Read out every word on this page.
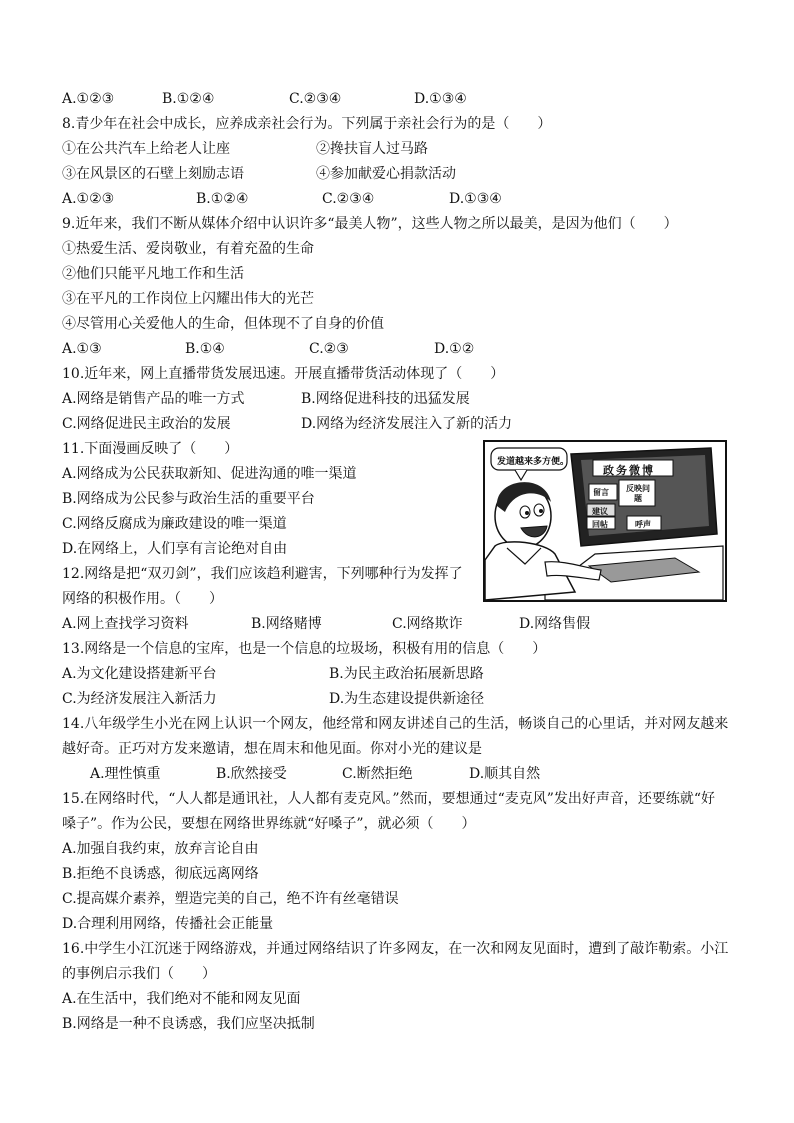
A.①②③	B.①②④	C.②③④	D.①③④
8.青少年在社会中成长，应养成亲社会行为。下列属于亲社会行为的是（　　）
①在公共汽车上给老人让座	②搀扶盲人过马路
③在风景区的石壁上刻励志语	④参加献爱心捐款活动
A.①②③	B.①②④	C.②③④	D.①③④
9.近年来，我们不断从媒体介绍中认识许多“最美人物”，这些人物之所以最美，是因为他们（　　）
①热爱生活、爱岗敬业，有着充盈的生命
②他们只能平凡地工作和生活
③在平凡的工作岗位上闪耀出伟大的光芒
④尽管用心关爱他人的生命，但体现不了自身的价值
A.①③	B.①④	C.②③	D.①②
10.近年来，网上直播带货发展迅速。开展直播带货活动体现了（　　）
A.网络是销售产品的唯一方式	B.网络促进科技的迅猛发展
C.网络促进民主政治的发展	D.网络为经济发展注入了新的活力
11.下面漫画反映了（　　）
A.网络成为公民获取新知、促进沟通的唯一渠道
B.网络成为公民参与政治生活的重要平台
C.网络反腐成为廉政建设的唯一渠道
D.在网络上，人们享有言论绝对自由
发道越来多方便。
政务微博
留言 反映问题
建议
回帖	呼声
12.网络是把“双刃剑”，我们应该趋利避害，下列哪种行为发挥了
网络的积极作用。（　　）
A.网上查找学习资料	B.网络赌博	C.网络欺诈	D.网络售假
13.网络是一个信息的宝库，也是一个信息的垃圾场，积极有用的信息（　　）
A.为文化建设搭建新平台	B.为民主政治拓展新思路
C.为经济发展注入新活力	D.为生态建设提供新途径
14.八年级学生小光在网上认识一个网友，他经常和网友讲述自己的生活，畅谈自己的心里话，并对网友越来
越好奇。正巧对方发来邀请，想在周末和他见面。你对小光的建议是
A.理性慎重	B.欣然接受	C.断然拒绝	D.顺其自然
15.在网络时代，“人人都是通讯社，人人都有麦克风。”然而，要想通过“麦克风”发出好声音，还要练就“好
嗓子”。作为公民，要想在网络世界练就“好嗓子”，就必须（　　）
A.加强自我约束，放弃言论自由
B.拒绝不良诱惑，彻底远离网络
C.提高媒介素养，塑造完美的自己，绝不许有丝毫错误
D.合理利用网络，传播社会正能量
16.中学生小江沉迷于网络游戏，并通过网络结识了许多网友，在一次和网友见面时，遭到了敲诈勒索。小江
的事例启示我们（　　）
A.在生活中，我们绝对不能和网友见面
B.网络是一种不良诱惑，我们应坚决抵制
